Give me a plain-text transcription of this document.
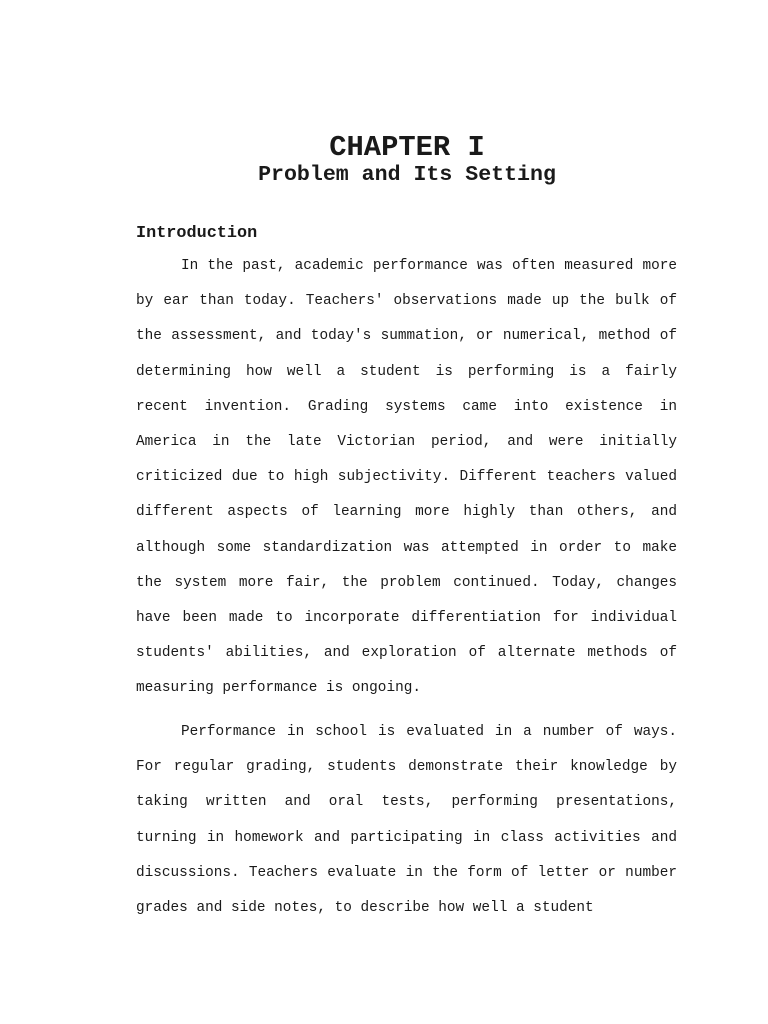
CHAPTER I
Problem and Its Setting
Introduction

In the past, academic performance was often measured more by ear than today. Teachers' observations made up the bulk of the assessment, and today's summation, or numerical, method of determining how well a student is performing is a fairly recent invention. Grading systems came into existence in America in the late Victorian period, and were initially criticized due to high subjectivity. Different teachers valued different aspects of learning more highly than others, and although some standardization was attempted in order to make the system more fair, the problem continued. Today, changes have been made to incorporate differentiation for individual students' abilities, and exploration of alternate methods of measuring performance is ongoing.

Performance in school is evaluated in a number of ways. For regular grading, students demonstrate their knowledge by taking written and oral tests, performing presentations, turning in homework and participating in class activities and discussions. Teachers evaluate in the form of letter or number grades and side notes, to describe how well a student
